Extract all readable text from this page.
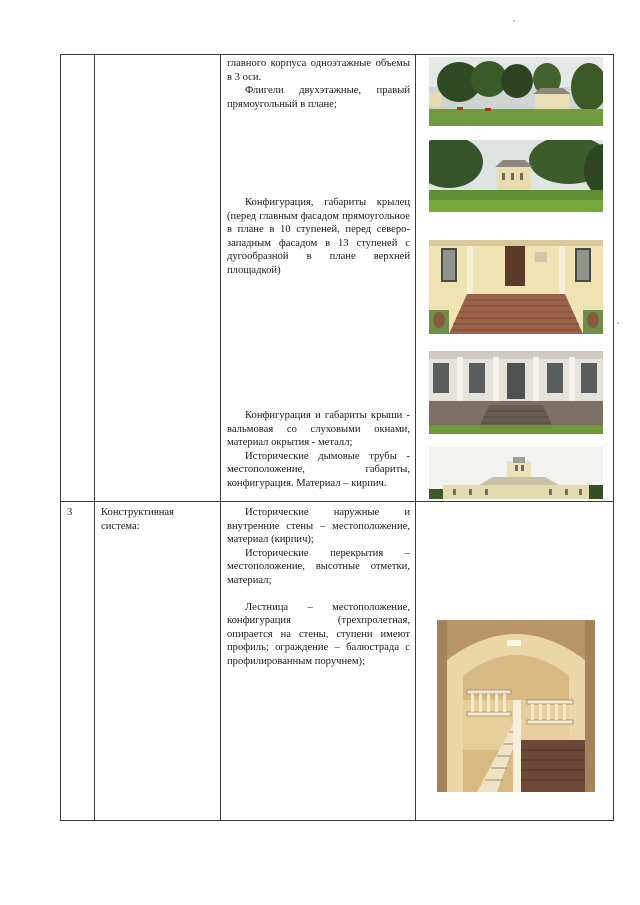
главного корпуса одноэтажные объемы в 3 оси.

Флигели двухэтажные, правый прямоугольный в плане;

Конфигурация, габариты крылец (перед главным фасадом прямоугольное в плане в 10 ступеней, перед северо-западным фасадом в 13 ступеней с дугообразной в плане верхней площадкой)

Конфигурация и габариты крыши - вальмовая со слуховыми окнами, материал окрытия - металл;

Исторические дымовые трубы - местоположение, габариты, конфигурация. Материал – кирпич.

3	Конструктивная система:

Исторические наружные и внутренние стены – местоположение, материал (кирпич);

Исторические перекрытия – местоположение, высотные отметки, материал;

Лестница – местоположение, конфигурация (трехпролетная, опирается на стены, ступени имеют профиль; ограждение – балюстрада с профилированным поручнем);
